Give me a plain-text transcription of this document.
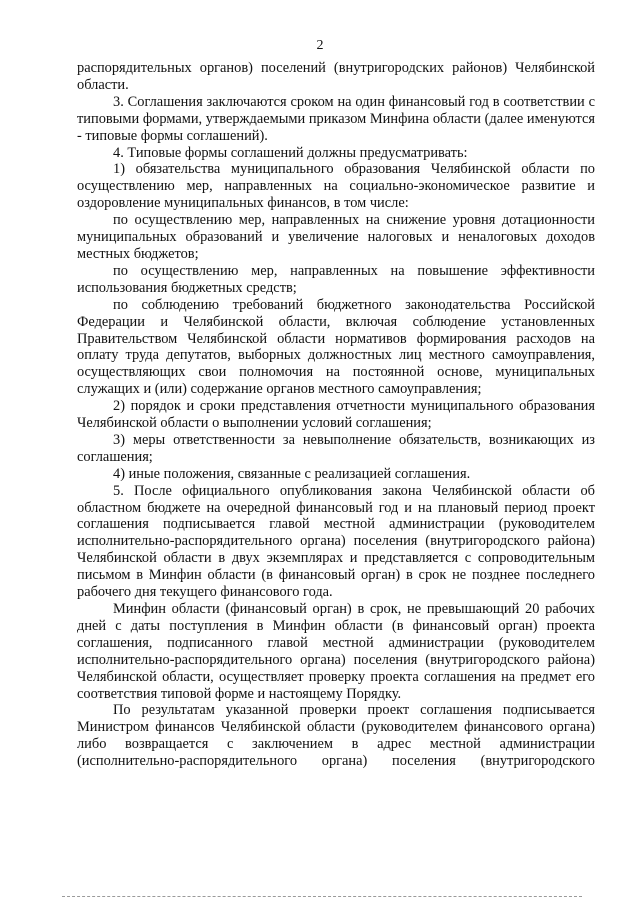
2

распорядительных органов) поселений (внутригородских районов) Челябинской области.

3. Соглашения заключаются сроком на один финансовый год в соответствии с типовыми формами, утверждаемыми приказом Минфина области (далее именуются - типовые формы соглашений).

4. Типовые формы соглашений должны предусматривать:

1) обязательства муниципального образования Челябинской области по осуществлению мер, направленных на социально-экономическое развитие и оздоровление муниципальных финансов, в том числе:

по осуществлению мер, направленных на снижение уровня дотационности муниципальных образований и увеличение налоговых и неналоговых доходов местных бюджетов;

по осуществлению мер, направленных на повышение эффективности использования бюджетных средств;

по соблюдению требований бюджетного законодательства Российской Федерации и Челябинской области, включая соблюдение установленных Правительством Челябинской области нормативов формирования расходов на оплату труда депутатов, выборных должностных лиц местного самоуправления, осуществляющих свои полномочия на постоянной основе, муниципальных служащих и (или) содержание органов местного самоуправления;

2) порядок и сроки представления отчетности муниципального образования Челябинской области о выполнении условий соглашения;

3) меры ответственности за невыполнение обязательств, возникающих из соглашения;

4) иные положения, связанные с реализацией соглашения.

5. После официального опубликования закона Челябинской области об областном бюджете на очередной финансовый год и на плановый период проект соглашения подписывается главой местной администрации (руководителем исполнительно-распорядительного органа) поселения (внутригородского района) Челябинской области в двух экземплярах и представляется с сопроводительным письмом в Минфин области (в финансовый орган) в срок не позднее последнего рабочего дня текущего финансового года.

Минфин области (финансовый орган) в срок, не превышающий 20 рабочих дней с даты поступления в Минфин области (в финансовый орган) проекта соглашения, подписанного главой местной администрации (руководителем исполнительно-распорядительного органа) поселения (внутригородского района) Челябинской области, осуществляет проверку проекта соглашения на предмет его соответствия типовой форме и настоящему Порядку.

По результатам указанной проверки проект соглашения подписывается Министром финансов Челябинской области (руководителем финансового органа) либо возвращается с заключением в адрес местной администрации (исполнительно-распорядительного органа) поселения (внутригородского
